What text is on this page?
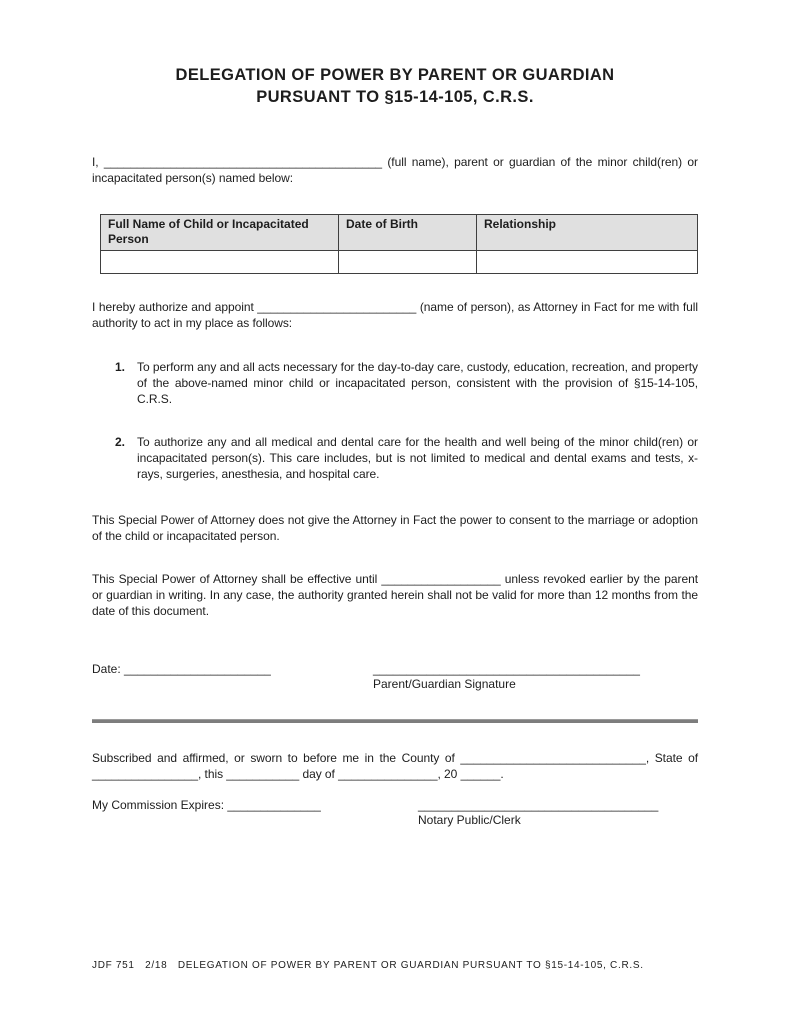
DELEGATION OF POWER BY PARENT OR GUARDIAN
PURSUANT TO §15-14-105, C.R.S.

I, __________________________________________ (full name), parent or guardian of the minor child(ren) or incapacitated person(s) named below:

Full Name of Child or Incapacitated Person	Date of Birth	Relationship

I hereby authorize and appoint ________________________ (name of person), as Attorney in Fact for me with full authority to act in my place as follows:

1. To perform any and all acts necessary for the day-to-day care, custody, education, recreation, and property of the above-named minor child or incapacitated person, consistent with the provision of §15-14-105, C.R.S.
2. To authorize any and all medical and dental care for the health and well being of the minor child(ren) or incapacitated person(s). This care includes, but is not limited to medical and dental exams and tests, x-rays, surgeries, anesthesia, and hospital care.

This Special Power of Attorney does not give the Attorney in Fact the power to consent to the marriage or adoption of the child or incapacitated person.

This Special Power of Attorney shall be effective until __________________ unless revoked earlier by the parent or guardian in writing. In any case, the authority granted herein shall not be valid for more than 12 months from the date of this document.

Date: ______________________	________________________________________
Parent/Guardian Signature

Subscribed and affirmed, or sworn to before me in the County of ____________________________, State of ________________, this ___________ day of _______________, 20 ______.

My Commission Expires: ______________	____________________________________
Notary Public/Clerk
JDF 751   2/18   DELEGATION OF POWER BY PARENT OR GUARDIAN PURSUANT TO §15-14-105, C.R.S.
